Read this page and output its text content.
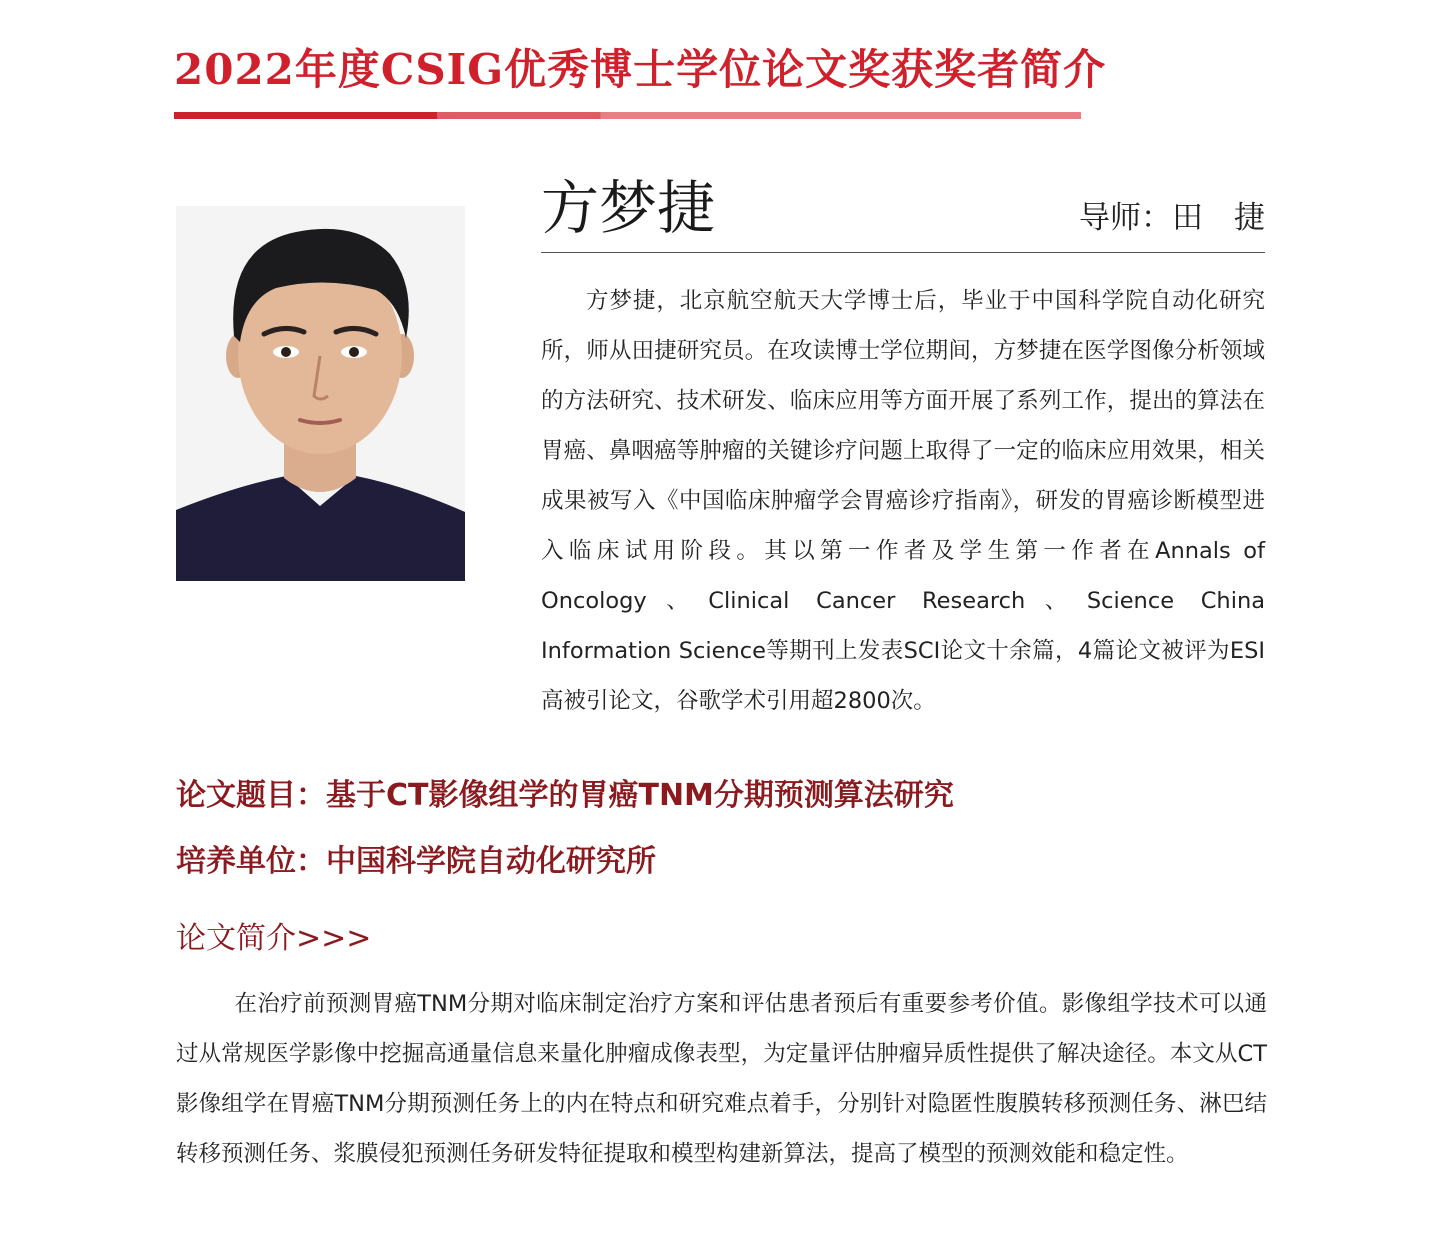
2022年度CSIG优秀博士学位论文奖获奖者简介
方梦捷	导师：田　捷

方梦捷，北京航空航天大学博士后，毕业于中国科学院自动化研究所，师从田捷研究员。在攻读博士学位期间，方梦捷在医学图像分析领域的方法研究、技术研发、临床应用等方面开展了系列工作，提出的算法在胃癌、鼻咽癌等肿瘤的关键诊疗问题上取得了一定的临床应用效果，相关成果被写入《中国临床肿瘤学会胃癌诊疗指南》，研发的胃癌诊断模型进入临床试用阶段。其以第一作者及学生第一作者在Annals of Oncology、Clinical Cancer Research、Science China Information Science等期刊上发表SCI论文十余篇，4篇论文被评为ESI高被引论文，谷歌学术引用超2800次。

论文题目：基于CT影像组学的胃癌TNM分期预测算法研究
培养单位：中国科学院自动化研究所
论文简介>>>

在治疗前预测胃癌TNM分期对临床制定治疗方案和评估患者预后有重要参考价值。影像组学技术可以通过从常规医学影像中挖掘高通量信息来量化肿瘤成像表型，为定量评估肿瘤异质性提供了解决途径。本文从CT影像组学在胃癌TNM分期预测任务上的内在特点和研究难点着手，分别针对隐匿性腹膜转移预测任务、淋巴结转移预测任务、浆膜侵犯预测任务研发特征提取和模型构建新算法，提高了模型的预测效能和稳定性。
